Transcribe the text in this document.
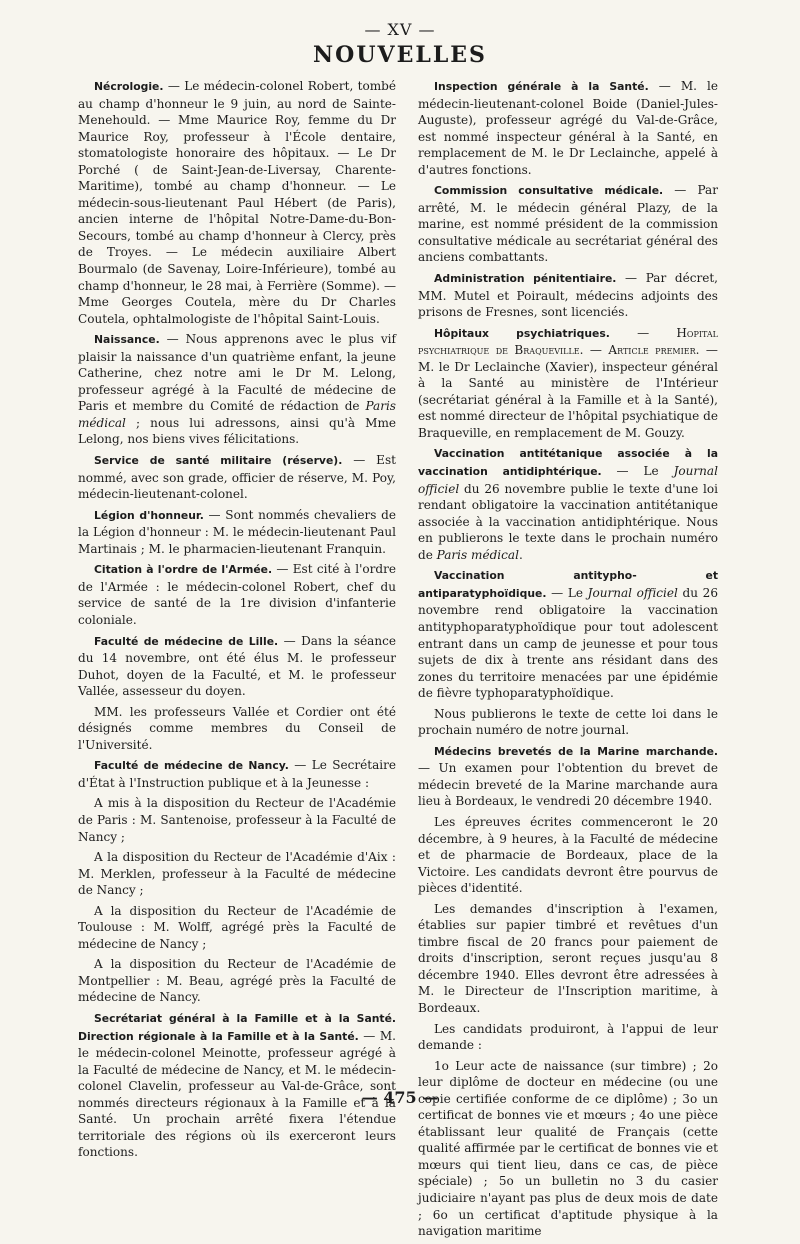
— XV —
NOUVELLES

Nécrologie. — Le médecin-colonel Robert, tombé au champ d'honneur le 9 juin, au nord de Sainte-Menehould. — Mme Maurice Roy, femme du Dr Maurice Roy, professeur à l'École dentaire, stomatologiste honoraire des hôpitaux. — Le Dr Porché ( de Saint-Jean-de-Liversay, Charente-Maritime), tombé au champ d'honneur. — Le médecin-sous-lieutenant Paul Hébert (de Paris), ancien interne de l'hôpital Notre-Dame-du-Bon-Secours, tombé au champ d'honneur à Clercy, près de Troyes. — Le médecin auxiliaire Albert Bourmalo (de Savenay, Loire-Inférieure), tombé au champ d'honneur, le 28 mai, à Ferrière (Somme). — Mme Georges Coutela, mère du Dr Charles Coutela, ophtalmologiste de l'hôpital Saint-Louis.

Naissance. — Nous apprenons avec le plus vif plaisir la naissance d'un quatrième enfant, la jeune Catherine, chez notre ami le Dr M. Lelong, professeur agrégé à la Faculté de médecine de Paris et membre du Comité de rédaction de Paris médical ; nous lui adressons, ainsi qu'à Mme Lelong, nos biens vives félicitations.

Service de santé militaire (réserve). — Est nommé, avec son grade, officier de réserve, M. Poy, médecin-lieutenant-colonel.

Légion d'honneur. — Sont nommés chevaliers de la Légion d'honneur : M. le médecin-lieutenant Paul Martinais ; M. le pharmacien-lieutenant Franquin.

Citation à l'ordre de l'Armée. — Est cité à l'ordre de l'Armée : le médecin-colonel Robert, chef du service de santé de la 1re division d'infanterie coloniale.

Faculté de médecine de Lille. — Dans la séance du 14 novembre, ont été élus M. le professeur Duhot, doyen de la Faculté, et M. le professeur Vallée, assesseur du doyen.

MM. les professeurs Vallée et Cordier ont été désignés comme membres du Conseil de l'Université.

Faculté de médecine de Nancy. — Le Secrétaire d'État à l'Instruction publique et à la Jeunesse :

A mis à la disposition du Recteur de l'Académie de Paris : M. Santenoise, professeur à la Faculté de Nancy ;

A la disposition du Recteur de l'Académie d'Aix : M. Merklen, professeur à la Faculté de médecine de Nancy ;

A la disposition du Recteur de l'Académie de Toulouse : M. Wolff, agrégé près la Faculté de médecine de Nancy ;

A la disposition du Recteur de l'Académie de Montpellier : M. Beau, agrégé près la Faculté de médecine de Nancy.

Secrétariat général à la Famille et à la Santé. Direction régionale à la Famille et à la Santé. — M. le médecin-colonel Meinotte, professeur agrégé à la Faculté de médecine de Nancy, et M. le médecin-colonel Clavelin, professeur au Val-de-Grâce, sont nommés directeurs régionaux à la Famille et à la Santé. Un prochain arrêté fixera l'étendue territoriale des régions où ils exerceront leurs fonctions.

Inspection générale à la Santé. — M. le médecin-lieutenant-colonel Boide (Daniel-Jules-Auguste), professeur agrégé du Val-de-Grâce, est nommé inspecteur général à la Santé, en remplacement de M. le Dr Leclainche, appelé à d'autres fonctions.

Commission consultative médicale. — Par arrêté, M. le médecin général Plazy, de la marine, est nommé président de la commission consultative médicale au secrétariat général des anciens combattants.

Administration pénitentiaire. — Par décret, MM. Mutel et Poirault, médecins adjoints des prisons de Fresnes, sont licenciés.

Hôpitaux psychiatriques. — Hopital psychiatrique de Braqueville. — Article premier. — M. le Dr Leclainche (Xavier), inspecteur général à la Santé au ministère de l'Intérieur (secrétariat général à la Famille et à la Santé), est nommé directeur de l'hôpital psychiatique de Braqueville, en remplacement de M. Gouzy.

Vaccination antitétanique associée à la vaccination antidiphtérique. — Le Journal officiel du 26 novembre publie le texte d'une loi rendant obligatoire la vaccination antitétanique associée à la vaccination antidiphtérique. Nous en publierons le texte dans le prochain numéro de Paris médical.

Vaccination antitypho- et antiparatyphoïdique. — Le Journal officiel du 26 novembre rend obligatoire la vaccination antityphoparatyphoïdique pour tout adolescent entrant dans un camp de jeunesse et pour tous sujets de dix à trente ans résidant dans des zones du territoire menacées par une épidémie de fièvre typhoparatyphoïdique.

Nous publierons le texte de cette loi dans le prochain numéro de notre journal.

Médecins brevetés de la Marine marchande. — Un examen pour l'obtention du brevet de médecin breveté de la Marine marchande aura lieu à Bordeaux, le vendredi 20 décembre 1940.

Les épreuves écrites commenceront le 20 décembre, à 9 heures, à la Faculté de médecine et de pharmacie de Bordeaux, place de la Victoire. Les candidats devront être pourvus de pièces d'identité.

Les demandes d'inscription à l'examen, établies sur papier timbré et revêtues d'un timbre fiscal de 20 francs pour paiement de droits d'inscription, seront reçues jusqu'au 8 décembre 1940. Elles devront être adressées à M. le Directeur de l'Inscription maritime, à Bordeaux.

Les candidats produiront, à l'appui de leur demande :

1o Leur acte de naissance (sur timbre) ; 2o leur diplôme de docteur en médecine (ou une copie certifiée conforme de ce diplôme) ; 3o un certificat de bonnes vie et mœurs ; 4o une pièce établissant leur qualité de Français (cette qualité affirmée par le certificat de bonnes vie et mœurs qui tient lieu, dans ce cas, de pièce spéciale) ; 5o un bulletin no 3 du casier judiciaire n'ayant pas plus de deux mois de date ; 6o un certificat d'aptitude physique à la navigation maritime

— 475 —
